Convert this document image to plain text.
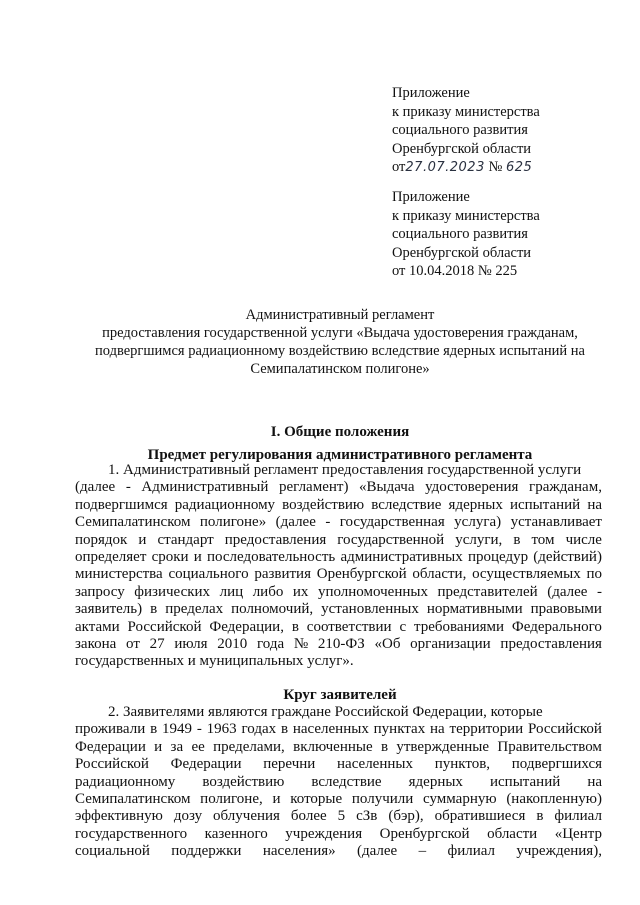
Приложение
к приказу министерства
социального развития
Оренбургской области
от27.07.2023 № 625
Приложение
к приказу министерства
социального развития
Оренбургской области
от 10.04.2018 № 225
Административный регламент
предоставления государственной услуги «Выдача удостоверения гражданам,
подвергшимся радиационному воздействию вследствие ядерных испытаний на
Семипалатинском полигоне»
I. Общие положения
Предмет регулирования административного регламента
1. Административный регламент предоставления государственной услуги
(далее - Административный регламент) «Выдача удостоверения гражданам,
подвергшимся радиационному воздействию вследствие ядерных испытаний на
Семипалатинском полигоне» (далее - государственная услуга) устанавливает
порядок и стандарт предоставления государственной услуги, в том числе
определяет сроки и последовательность административных процедур (действий)
министерства социального развития Оренбургской области, осуществляемых по
запросу физических лиц либо их уполномоченных представителей (далее -
заявитель) в пределах полномочий, установленных нормативными правовыми
актами Российской Федерации, в соответствии с требованиями Федерального
закона от 27 июля 2010 года № 210-ФЗ «Об организации предоставления
государственных и муниципальных услуг».
Круг заявителей
2. Заявителями являются граждане Российской Федерации, которые
проживали в 1949 - 1963 годах в населенных пунктах на территории Российской
Федерации и за ее пределами, включенные в утвержденные Правительством
Российской Федерации перечни населенных пунктов, подвергшихся
радиационному воздействию вследствие ядерных испытаний на
Семипалатинском полигоне, и которые получили суммарную (накопленную)
эффективную дозу облучения более 5 сЗв (бэр), обратившиеся в филиал
государственного казенного учреждения Оренбургской области «Центр
социальной поддержки населения» (далее – филиал учреждения),
